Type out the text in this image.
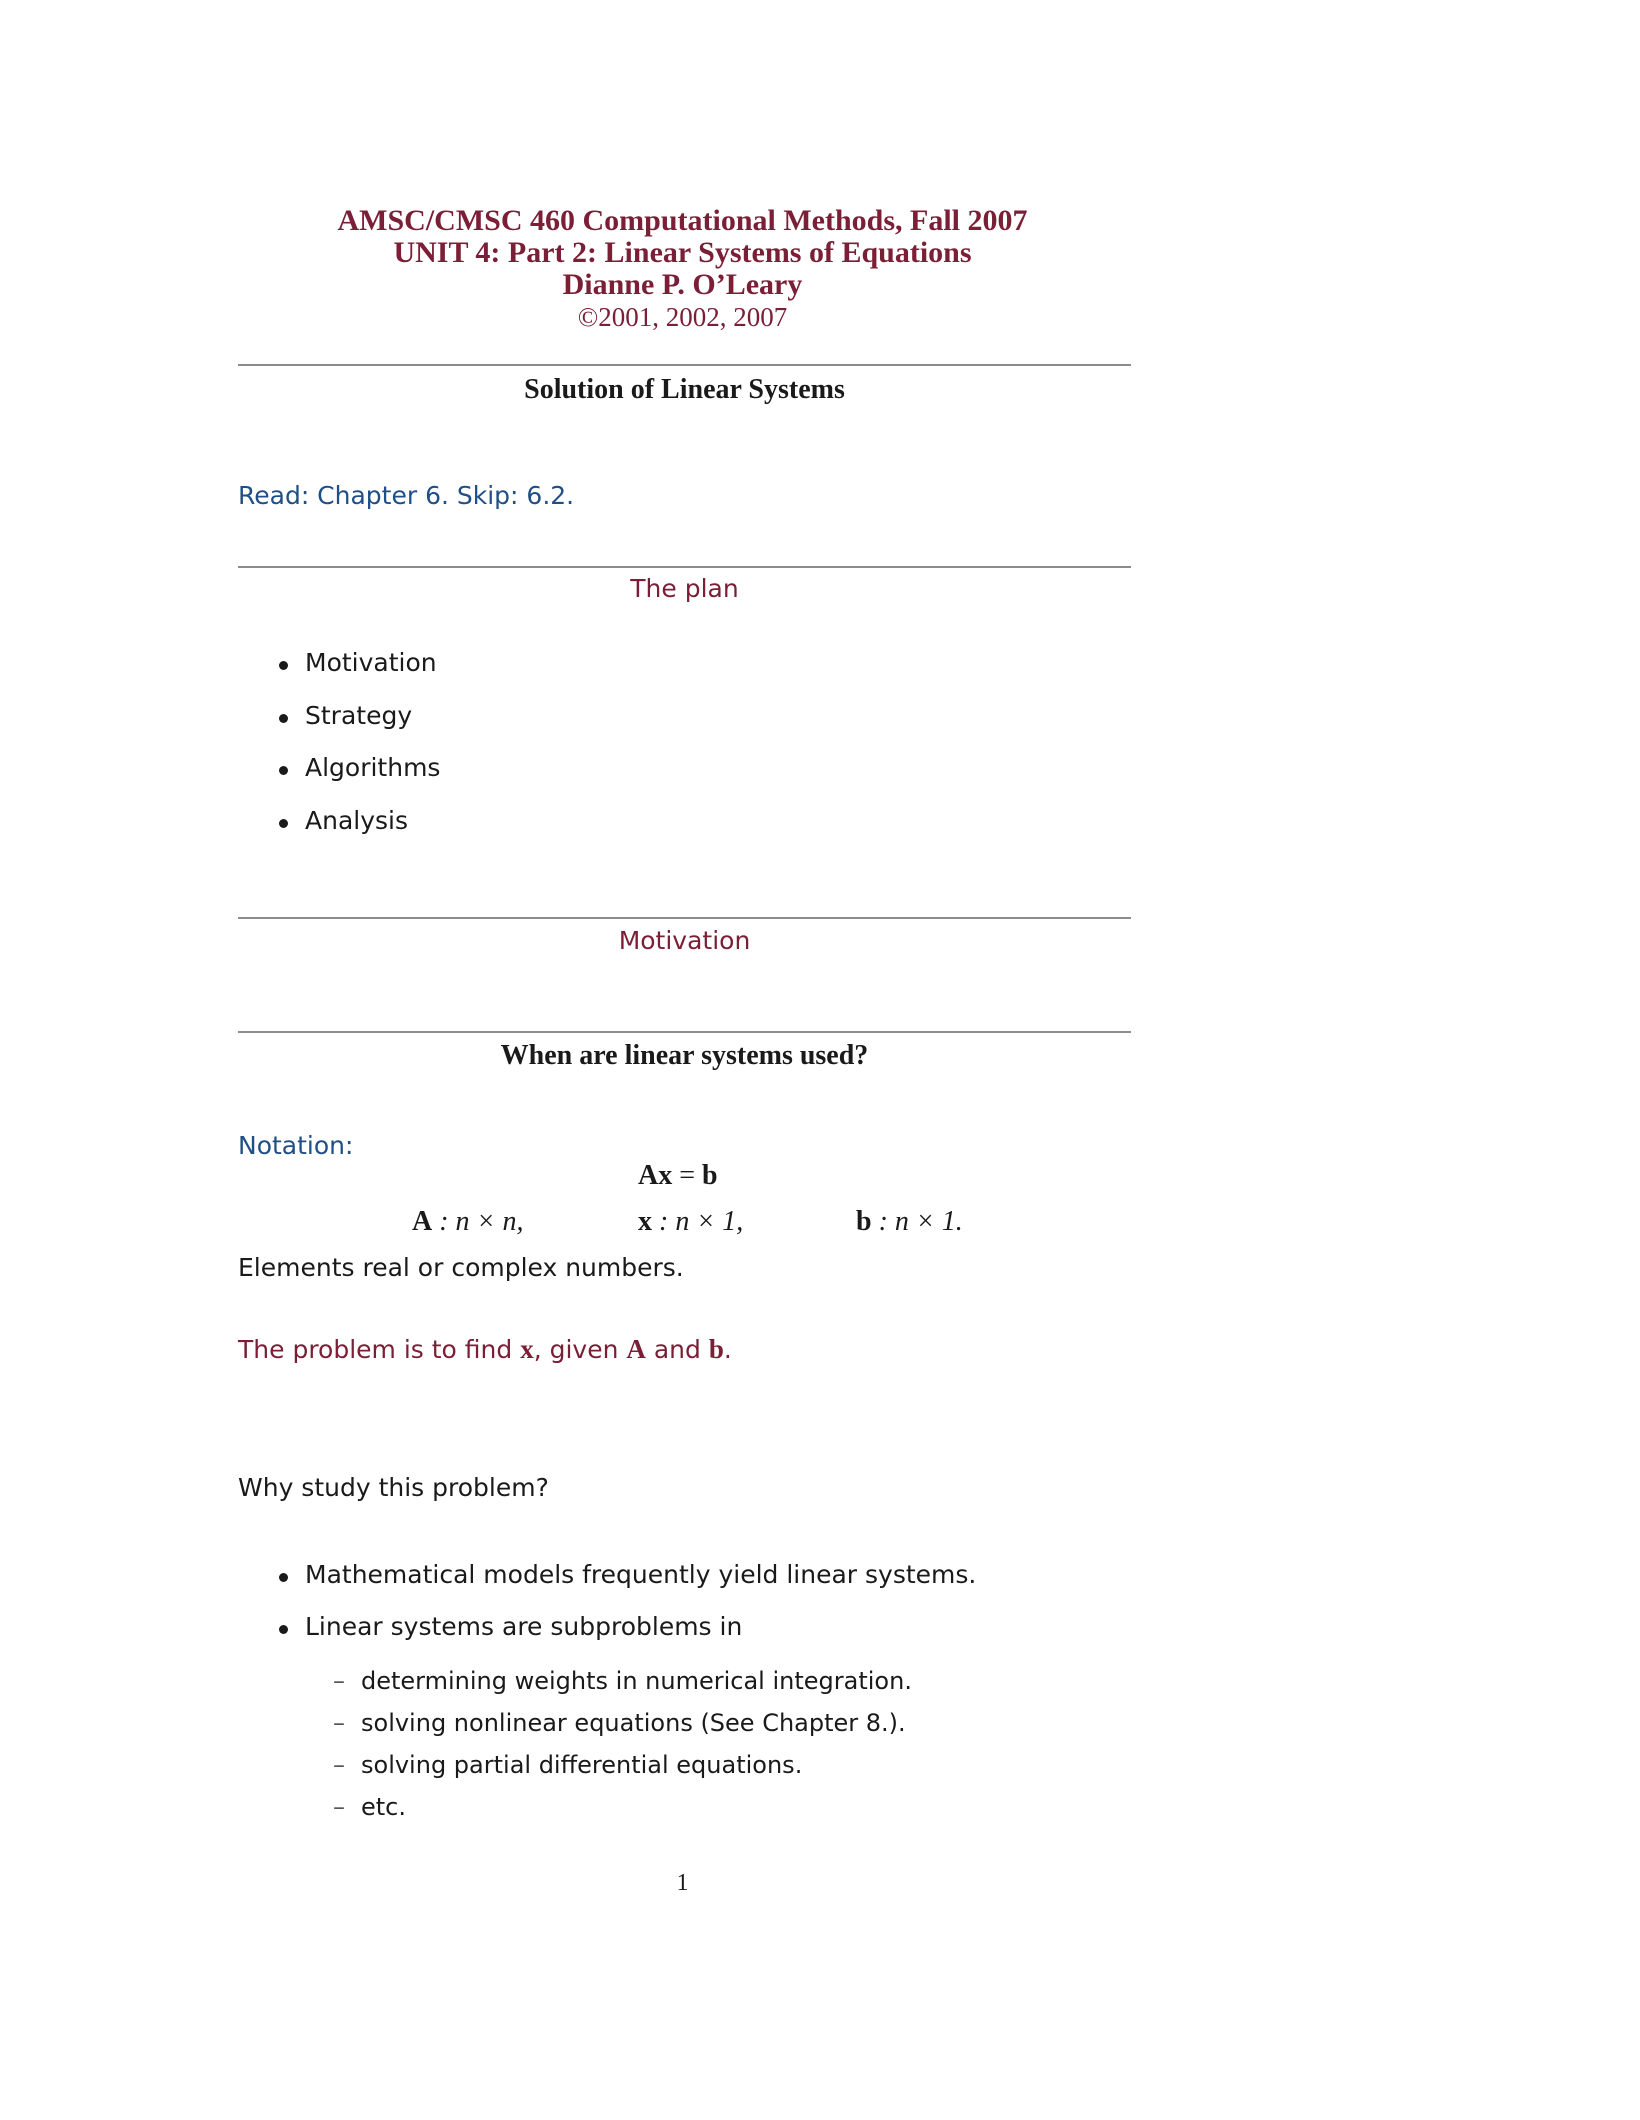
AMSC/CMSC 460 Computational Methods, Fall 2007
UNIT 4: Part 2: Linear Systems of Equations
Dianne P. O’Leary
©2001, 2002, 2007
Solution of Linear Systems
Read: Chapter 6. Skip: 6.2.
The plan
Motivation
Strategy
Algorithms
Analysis
Motivation
When are linear systems used?
Notation:
Ax = b
A : n × n,	x : n × 1,	b : n × 1.
Elements real or complex numbers.
The problem is to find x, given A and b.
Why study this problem?
Mathematical models frequently yield linear systems.
Linear systems are subproblems in
– determining weights in numerical integration.
– solving nonlinear equations (See Chapter 8.).
– solving partial differential equations.
– etc.
1
